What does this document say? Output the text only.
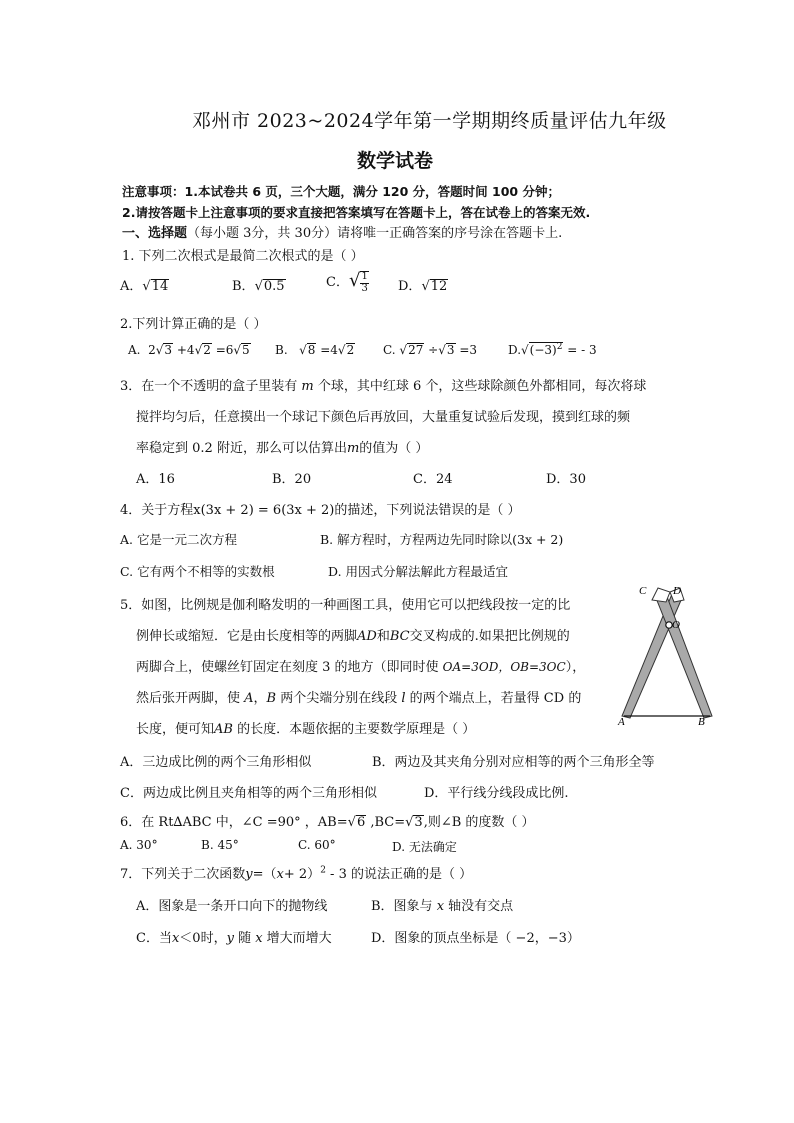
邓州市 2023~2024学年第一学期期终质量评估九年级
数学试卷
注意事项：1.本试卷共 6 页，三个大题，满分 120 分，答题时间 100 分钟；
2.请按答题卡上注意事项的要求直接把答案填写在答题卡上，答在试卷上的答案无效.
一、选择题（每小题 3分，共 30分）请将唯一正确答案的序号涂在答题卡上.
1. 下列二次根式是最简二次根式的是（ ）
A．√14	B．√0.5	C．√ $\frac{1}{3}$ D．√12
2.下列计算正确的是（ ）
A. 2√3 +4√2 =6√5 B. √8 =4√2 C. √27 ÷√3 =3	$D.√(-3)^2$ = - 3
3．在一个不透明的盒子里装有 m 个球，其中红球 6 个，这些球除颜色外都相同，每次将球
搅拌均匀后，任意摸出一个球记下颜色后再放回，大量重复试验后发现，摸到红球的频
率稳定到 0.2 附近，那么可以估算出m的值为（ ）
A．16	B．20	C．24	D．30
4．关于方程x(3x + 2) = 6(3x + 2)的描述，下列说法错误的是（ ）
A. 它是一元二次方程	B. 解方程时，方程两边先同时除以(3x + 2)
C. 它有两个不相等的实数根	D. 用因式分解法解此方程最适宜
5．如图，比例规是伽利略发明的一种画图工具，使用它可以把线段按一定的比
例伸长或缩短．它是由长度相等的两脚AD和BC交叉构成的.如果把比例规的
两脚合上，使螺丝钉固定在刻度 3 的地方（即同时使 OA=3OD，OB=3OC），
然后张开两脚，使 A，B 两个尖端分别在线段 l 的两个端点上，若量得 CD 的
长度，便可知AB 的长度．本题依据的主要数学原理是（ ）
A．三边成比例的两个三角形相似	B．两边及其夹角分别对应相等的两个三角形全等
C．两边成比例且夹角相等的两个三角形相似	D．平行线分线段成比例.
C D
O
A	B
6．在 Rt∆ABC 中，∠C =90° ，AB=√6 ,BC=√3,则∠B 的度数（ ）
A. 30°	B. 45°	C. 60°	D. 无法确定
7．下列关于二次函数$y=(x+ 2)^2 - 3$ 的说法正确的是（ ）
A．图象是一条开口向下的抛物线	B．图象与 x 轴没有交点
C．当x＜0时，y 随 x 增大而增大	D．图象的顶点坐标是（ −2，−3）
